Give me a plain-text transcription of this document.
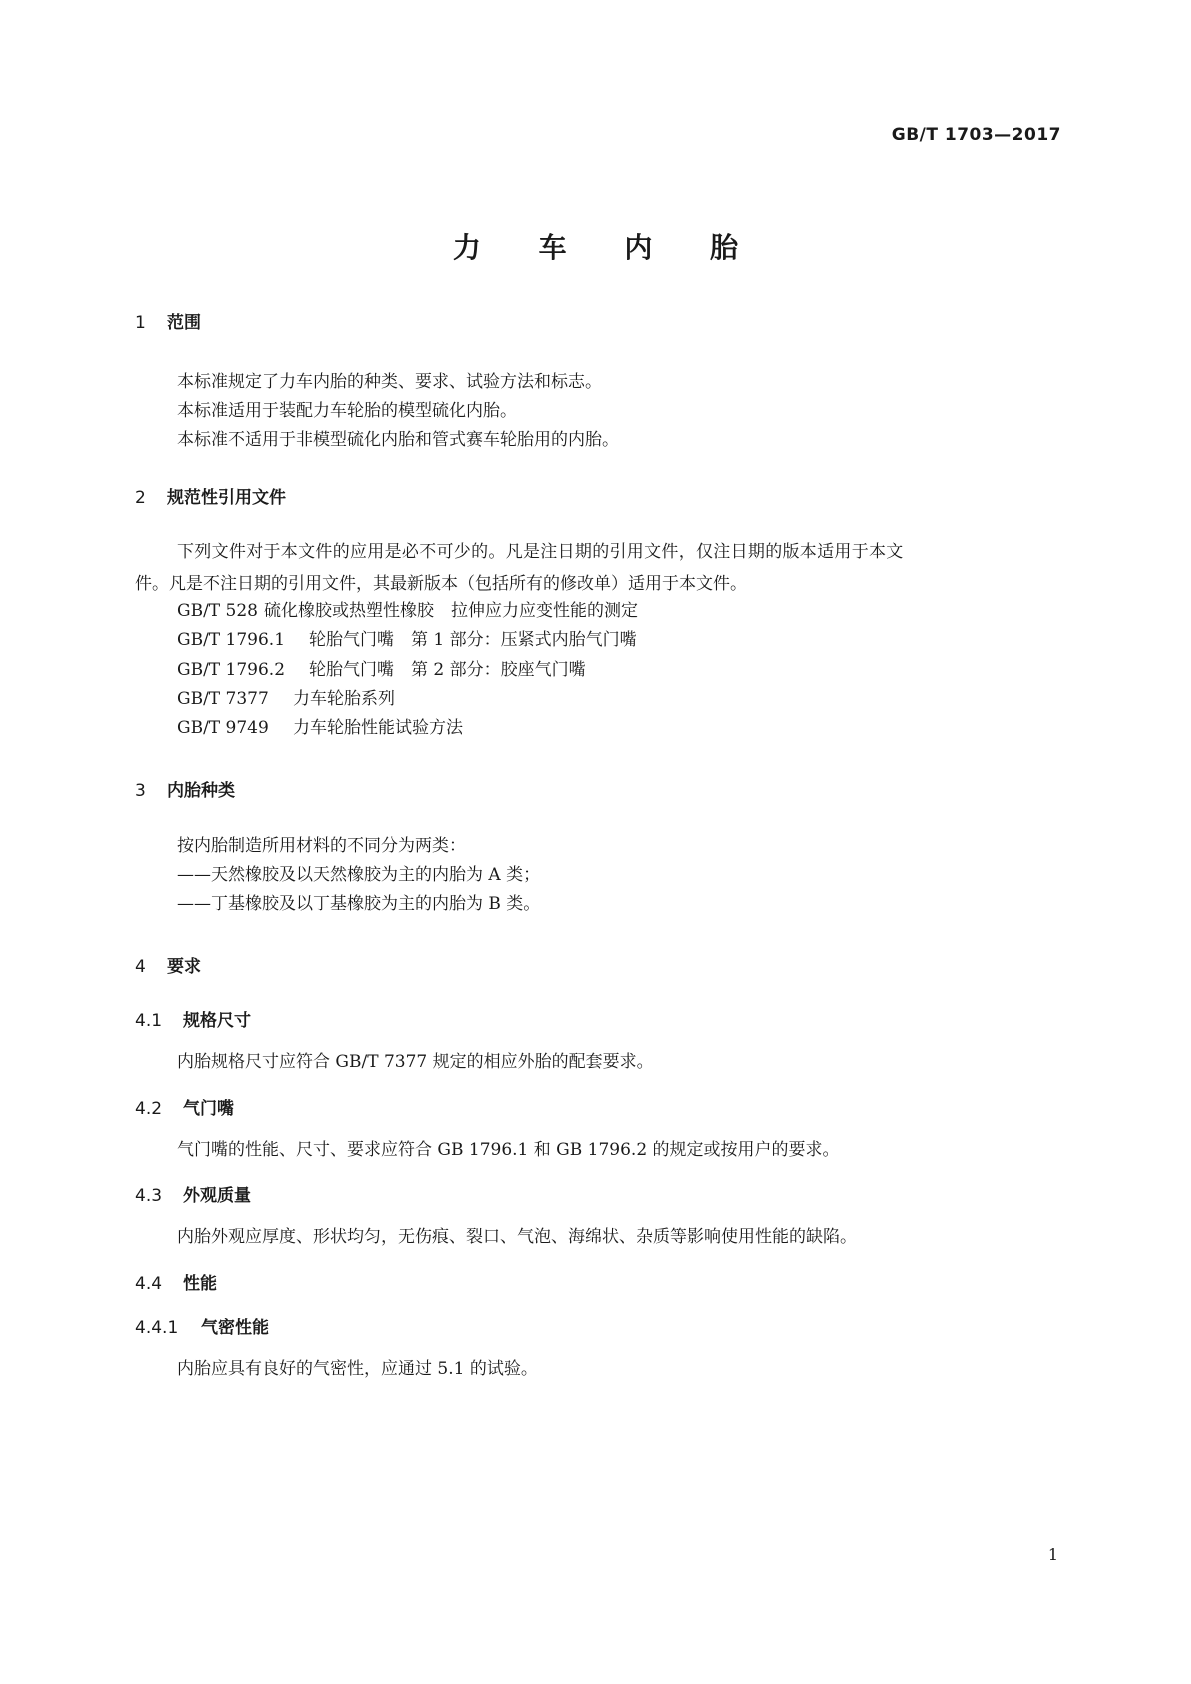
GB/T 1703—2017
力 车 内 胎
1 范围
本标准规定了力车内胎的种类、要求、试验方法和标志。
本标准适用于装配力车轮胎的模型硫化内胎。
本标准不适用于非模型硫化内胎和管式赛车轮胎用的内胎。
2 规范性引用文件
下列文件对于本文件的应用是必不可少的。凡是注日期的引用文件，仅注日期的版本适用于本文
件。凡是不注日期的引用文件，其最新版本（包括所有的修改单）适用于本文件。
GB/T 528 硫化橡胶或热塑性橡胶　拉伸应力应变性能的测定
GB/T 1796.1 轮胎气门嘴　第 1 部分：压紧式内胎气门嘴
GB/T 1796.2 轮胎气门嘴　第 2 部分：胶座气门嘴
GB/T 7377 力车轮胎系列
GB/T 9749 力车轮胎性能试验方法
3 内胎种类
按内胎制造所用材料的不同分为两类：
——天然橡胶及以天然橡胶为主的内胎为 A 类；
——丁基橡胶及以丁基橡胶为主的内胎为 B 类。
4 要求
4.1 规格尺寸
内胎规格尺寸应符合 GB/T 7377 规定的相应外胎的配套要求。
4.2 气门嘴
气门嘴的性能、尺寸、要求应符合 GB 1796.1 和 GB 1796.2 的规定或按用户的要求。
4.3 外观质量
内胎外观应厚度、形状均匀，无伤痕、裂口、气泡、海绵状、杂质等影响使用性能的缺陷。
4.4 性能
4.4.1 气密性能
内胎应具有良好的气密性，应通过 5.1 的试验。
1
